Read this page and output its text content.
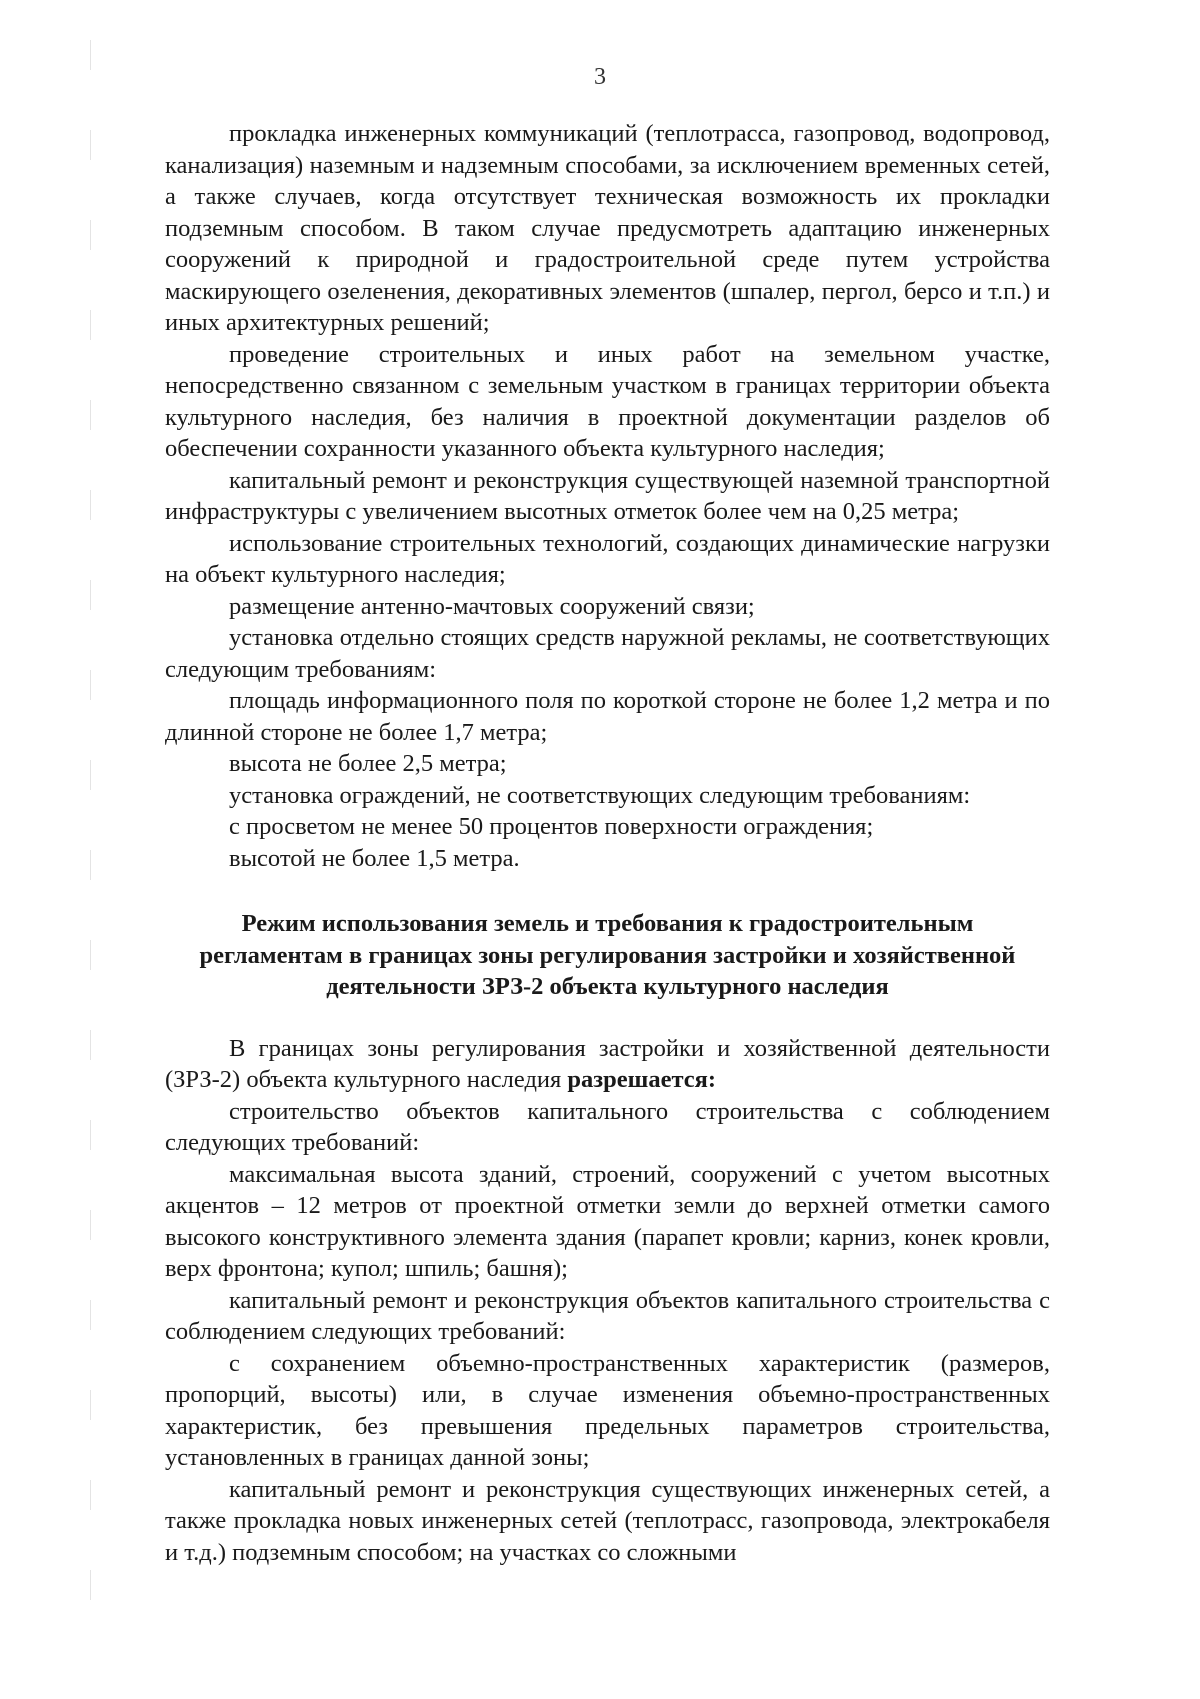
3

прокладка инженерных коммуникаций (теплотрасса, газопровод, водопровод, канализация) наземным и надземным способами, за исключением временных сетей, а также случаев, когда отсутствует техническая возможность их прокладки подземным способом. В таком случае предусмотреть адаптацию инженерных сооружений к природной и градостроительной среде путем устройства маскирующего озеленения, декоративных элементов (шпалер, пергол, берсо и т.п.) и иных архитектурных решений;

проведение строительных и иных работ на земельном участке, непосредственно связанном с земельным участком в границах территории объекта культурного наследия, без наличия в проектной документации разделов об обеспечении сохранности указанного объекта культурного наследия;

капитальный ремонт и реконструкция существующей наземной транспортной инфраструктуры с увеличением высотных отметок более чем на 0,25 метра;

использование строительных технологий, создающих динамические нагрузки на объект культурного наследия;

размещение антенно-мачтовых сооружений связи;

установка отдельно стоящих средств наружной рекламы, не соответствующих следующим требованиям:

площадь информационного поля по короткой стороне не более 1,2 метра и по длинной стороне не более 1,7 метра;

высота не более 2,5 метра;

установка ограждений, не соответствующих следующим требованиям:

с просветом не менее 50 процентов поверхности ограждения;

высотой не более 1,5 метра.

Режим использования земель и требования к градостроительным
регламентам в границах зоны регулирования застройки и хозяйственной
деятельности ЗРЗ-2 объекта культурного наследия

В границах зоны регулирования застройки и хозяйственной деятельности (ЗРЗ-2) объекта культурного наследия разрешается:

строительство объектов капитального строительства с соблюдением следующих требований:

максимальная высота зданий, строений, сооружений с учетом высотных акцентов – 12 метров от проектной отметки земли до верхней отметки самого высокого конструктивного элемента здания (парапет кровли; карниз, конек кровли, верх фронтона; купол; шпиль; башня);

капитальный ремонт и реконструкция объектов капитального строительства с соблюдением следующих требований:

с сохранением объемно-пространственных характеристик (размеров, пропорций, высоты) или, в случае изменения объемно-пространственных характеристик, без превышения предельных параметров строительства, установленных в границах данной зоны;

капитальный ремонт и реконструкция существующих инженерных сетей, а также прокладка новых инженерных сетей (теплотрасс, газопровода, электрокабеля и т.д.) подземным способом; на участках со сложными
